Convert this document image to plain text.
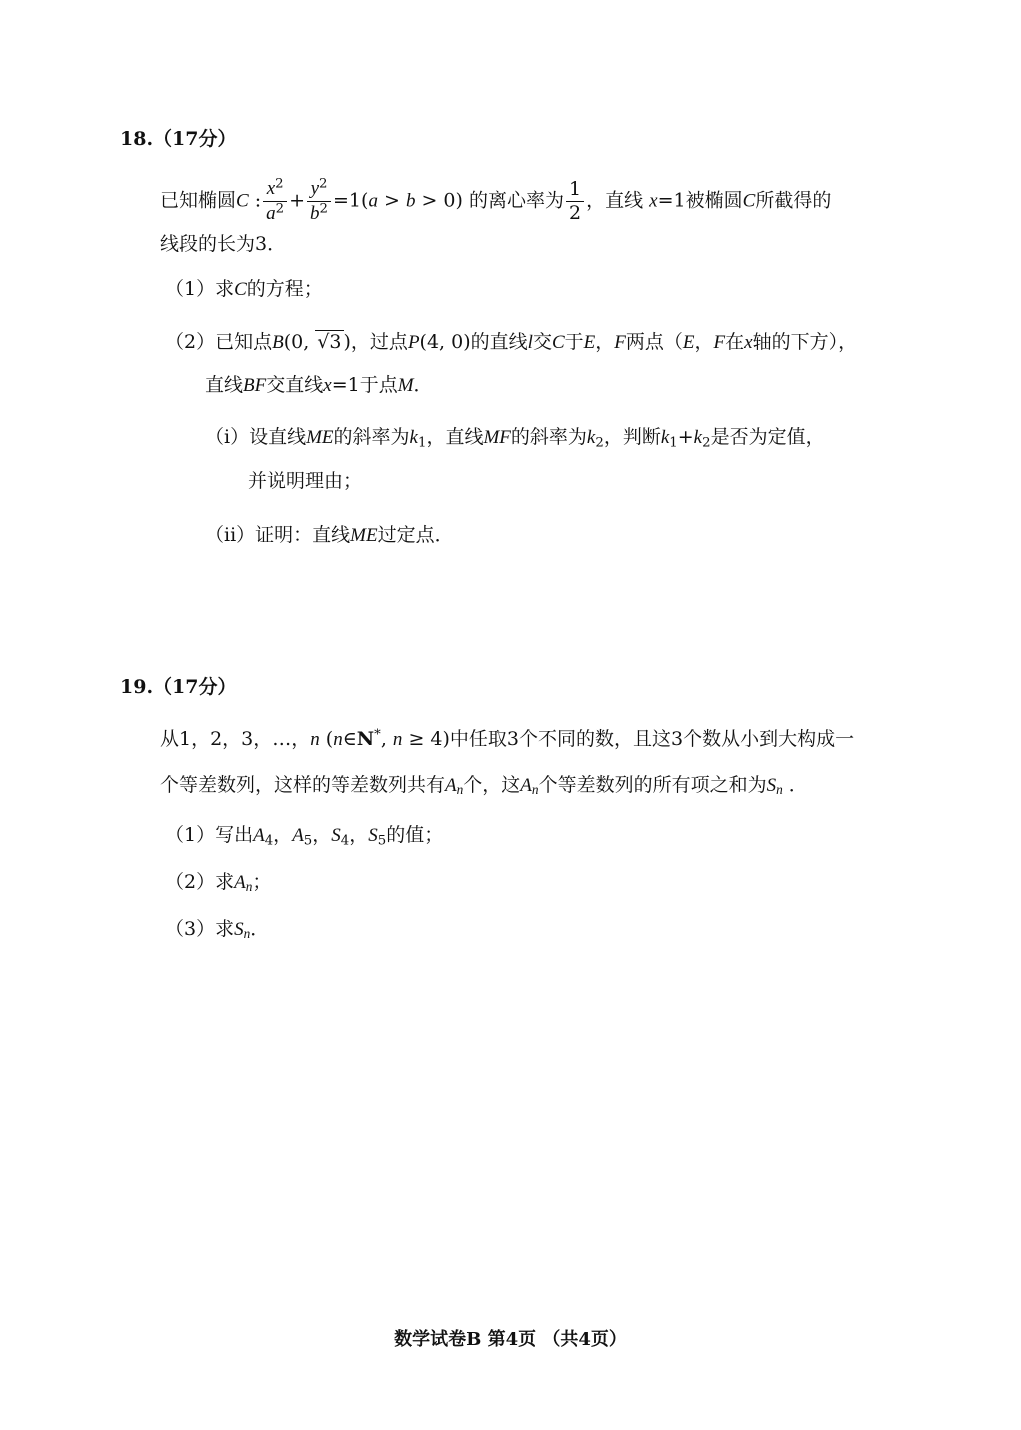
18.（17分）
已知椭圆C : $\frac{x^2}{a^2} + \frac{y^2}{b^2} =1(a > b > 0)$ 的离心率为 $\frac{1}{2}$ ，直线 x=1被椭圆C所截得的
线段的长为3．
（1）求C的方程；
（2）已知点B(0, √3 )，过点P(4, 0)的直线l交C于E，F两点（E，F在x轴的下方），
直线BF交直线x=1于点M．
（i）设直线ME的斜率为$k_1$，直线MF的斜率为$k_2$，判断$k_1+k_2$是否为定值，
并说明理由；
（ii）证明：直线ME过定点．
19.（17分）
从1，2，3，…，n (n∈N*, n ≥ 4)中任取3个不同的数，且这3个数从小到大构成一
个等差数列，这样的等差数列共有$A_n$个，这$A_n$个等差数列的所有项之和为$S_n$ ．
（1）写出$A_4$，$A_5$，$S_4$，$S_5$的值；
（2）求$A_n$；
（3）求$S_n$．
数学试卷B 第4页 （共4页）
